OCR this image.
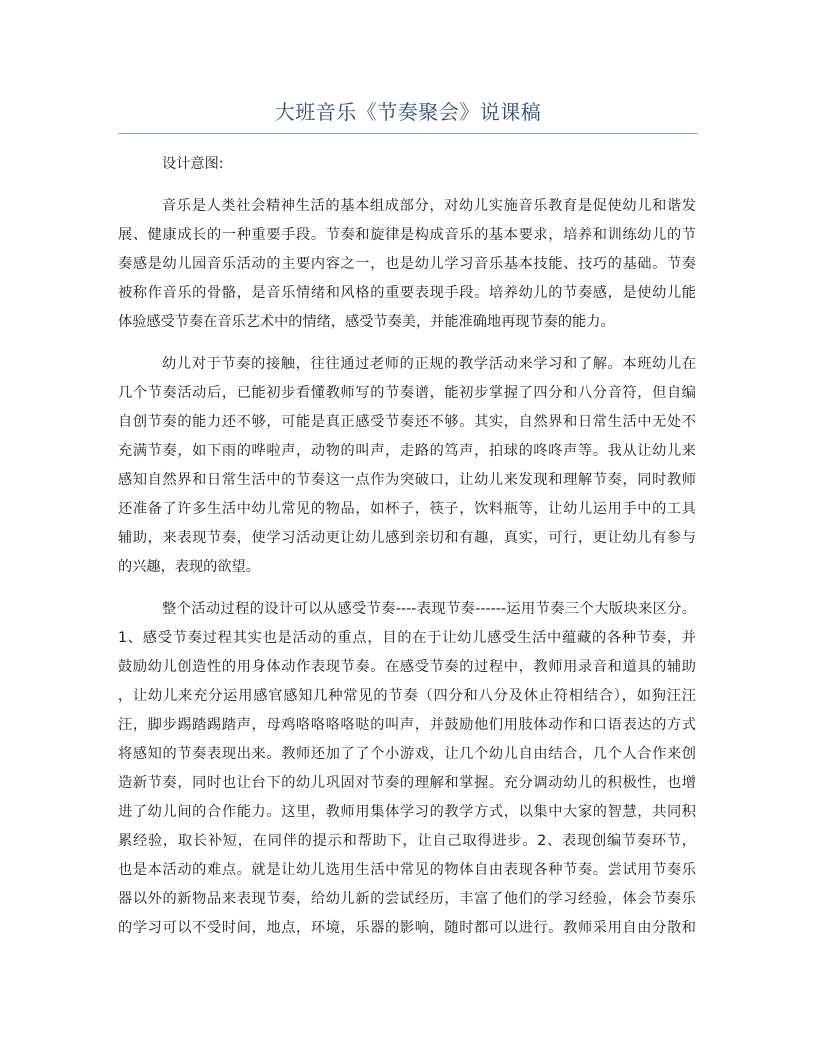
大班音乐《节奏聚会》说课稿
设计意图:
音乐是人类社会精神生活的基本组成部分，对幼儿实施音乐教育是促使幼儿和谐发
展、健康成长的一种重要手段。节奏和旋律是构成音乐的基本要求，培养和训练幼儿的节
奏感是幼儿园音乐活动的主要内容之一，也是幼儿学习音乐基本技能、技巧的基础。节奏
被称作音乐的骨骼，是音乐情绪和风格的重要表现手段。培养幼儿的节奏感，是使幼儿能
体验感受节奏在音乐艺术中的情绪，感受节奏美，并能准确地再现节奏的能力。
幼儿对于节奏的接触，往往通过老师的正规的教学活动来学习和了解。本班幼儿在
几个节奏活动后，已能初步看懂教师写的节奏谱，能初步掌握了四分和八分音符，但自编
自创节奏的能力还不够，可能是真正感受节奏还不够。其实，自然界和日常生活中无处不
充满节奏，如下雨的哗啦声，动物的叫声，走路的笃声，拍球的咚咚声等。我从让幼儿来
感知自然界和日常生活中的节奏这一点作为突破口，让幼儿来发现和理解节奏，同时教师
还准备了许多生活中幼儿常见的物品，如杯子，筷子，饮料瓶等，让幼儿运用手中的工具
辅助，来表现节奏，使学习活动更让幼儿感到亲切和有趣，真实，可行，更让幼儿有参与
的兴趣，表现的欲望。
整个活动过程的设计可以从感受节奏----表现节奏------运用节奏三个大版块来区分。
1、感受节奏过程其实也是活动的重点，目的在于让幼儿感受生活中蕴藏的各种节奏，并
鼓励幼儿创造性的用身体动作表现节奏。在感受节奏的过程中，教师用录音和道具的辅助
，让幼儿来充分运用感官感知几种常见的节奏（四分和八分及休止符相结合），如狗汪汪
汪，脚步踢踏踢踏声，母鸡咯咯咯咯哒的叫声，并鼓励他们用肢体动作和口语表达的方式
将感知的节奏表现出来。教师还加了了个小游戏，让几个幼儿自由结合，几个人合作来创
造新节奏，同时也让台下的幼儿巩固对节奏的理解和掌握。充分调动幼儿的积极性，也增
进了幼儿间的合作能力。这里，教师用集体学习的教学方式，以集中大家的智慧，共同积
累经验，取长补短，在同伴的提示和帮助下，让自己取得进步。2、表现创编节奏环节，
也是本活动的难点。就是让幼儿选用生活中常见的物体自由表现各种节奏。尝试用节奏乐
器以外的新物品来表现节奏，给幼儿新的尝试经历，丰富了他们的学习经验，体会节奏乐
的学习可以不受时间，地点，环境，乐器的影响，随时都可以进行。教师采用自由分散和
